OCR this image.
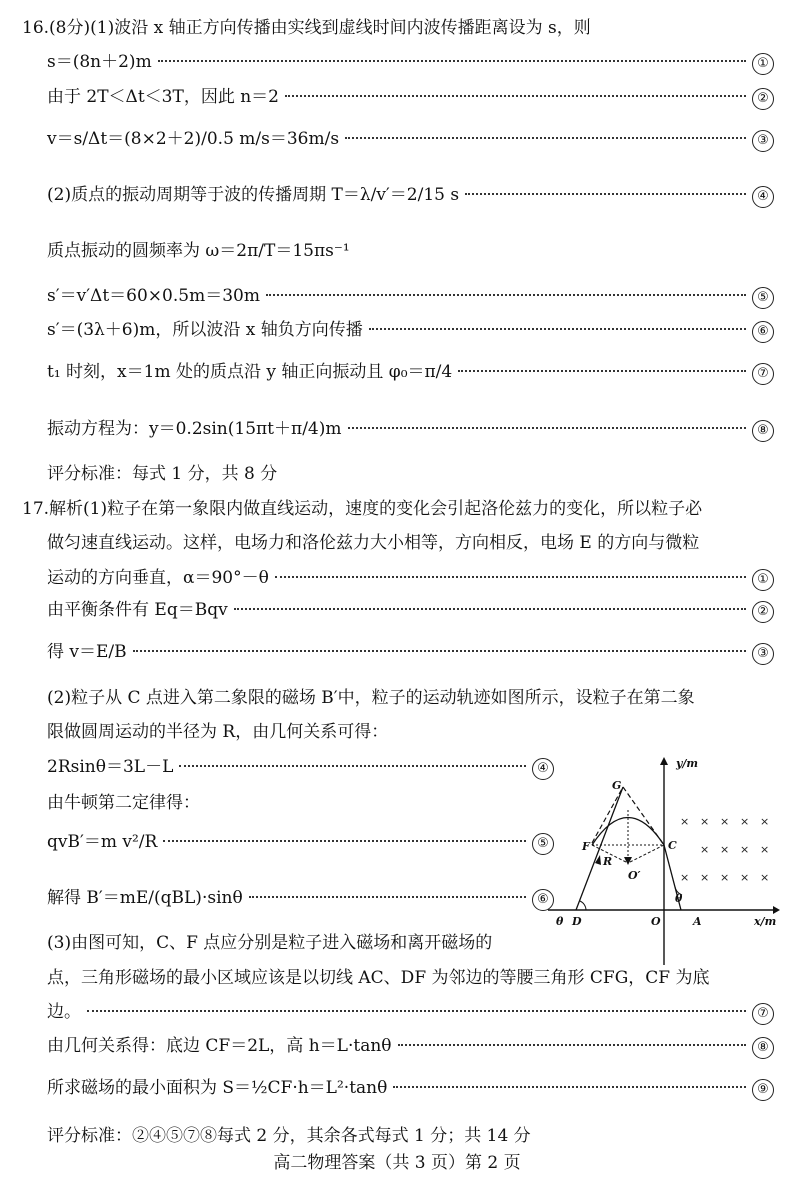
16.(8分)(1)波沿 x 轴正方向传播由实线到虚线时间内波传播距离设为 s，则
s＝(8n＋2)m	①
由于 2T＜Δt＜3T，因此 n＝2	②
v＝s/Δt＝(8×2＋2)/0.5 m/s＝36m/s	③
(2)质点的振动周期等于波的传播周期 T＝λ/v′＝2/15 s	④
质点振动的圆频率为 ω＝2π/T＝15πs⁻¹
s′＝v′Δt＝60×0.5m＝30m	⑤
s′＝(3λ＋6)m，所以波沿 x 轴负方向传播	⑥
t₁ 时刻，x＝1m 处的质点沿 y 轴正向振动且 φ₀＝π/4	⑦
振动方程为：y＝0.2sin(15πt＋π/4)m	⑧
评分标准：每式 1 分，共 8 分
17.解析(1)粒子在第一象限内做直线运动，速度的变化会引起洛伦兹力的变化，所以粒子必
做匀速直线运动。这样，电场力和洛伦兹力大小相等，方向相反，电场 E 的方向与微粒
运动的方向垂直，α＝90°－θ	①
由平衡条件有 Eq＝Bqv	②
得 v＝E/B	③
(2)粒子从 C 点进入第二象限的磁场 B′中，粒子的运动轨迹如图所示，设粒子在第二象
限做圆周运动的半径为 R，由几何关系可得：
2Rsinθ＝3L－L	④
由牛顿第二定律得：
qvB′＝m v²/R	⑤
解得 B′＝mE/(qBL)·sinθ	⑥
(3)由图可知，C、F 点应分别是粒子进入磁场和离开磁场的
点，三角形磁场的最小区域应该是以切线 AC、DF 为邻边的等腰三角形 CFG，CF 为底
边。	⑦
由几何关系得：底边 CF＝2L，高 h＝L·tanθ	⑧
所求磁场的最小面积为 S＝½CF·h＝L²·tanθ	⑨
评分标准：②④⑤⑦⑧每式 2 分，其余各式每式 1 分；共 14 分
× × × × ×
× × × ×
× × × × ×
y/m
x/m
G
F	C
R
O′
O
D	A
θ
θ
高二物理答案（共 3 页）第 2 页
